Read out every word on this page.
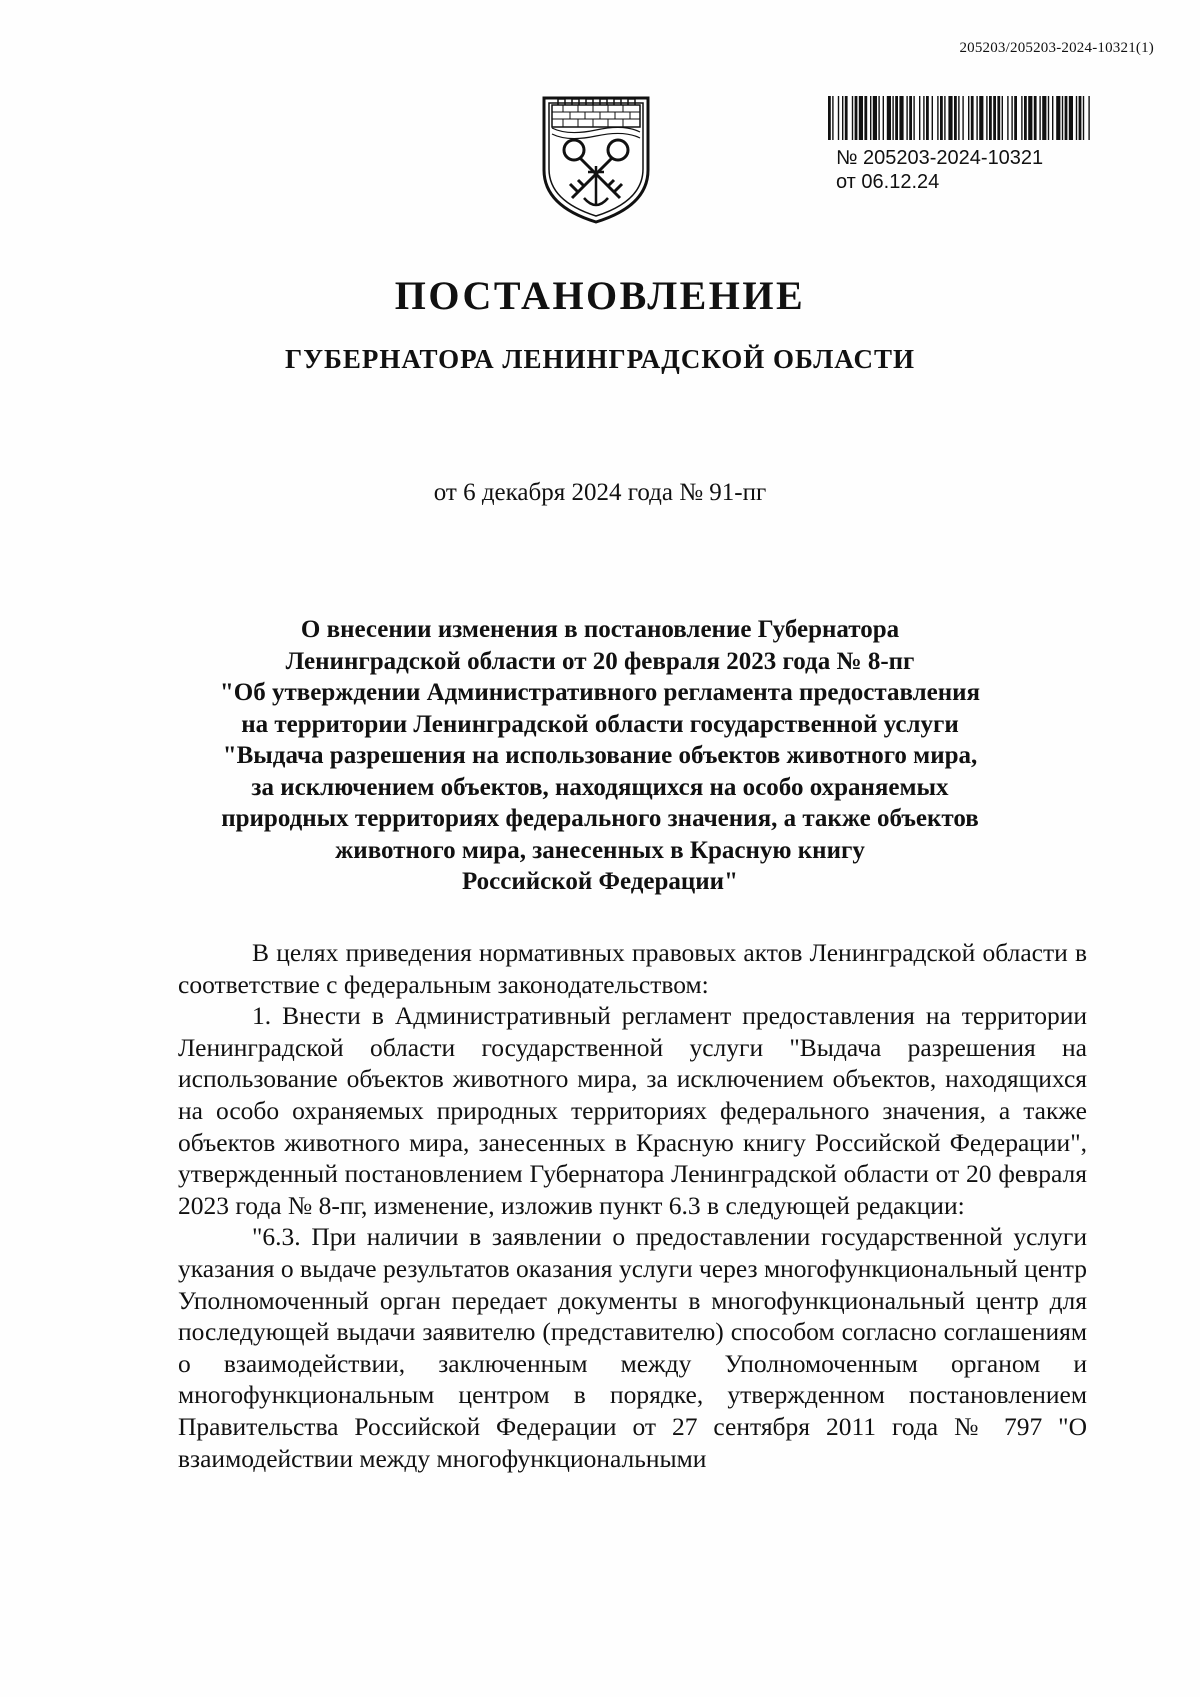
205203/205203-2024-10321(1)
№ 205203-2024-10321
от 06.12.24
ПОСТАНОВЛЕНИЕ
ГУБЕРНАТОРА ЛЕНИНГРАДСКОЙ ОБЛАСТИ
от 6 декабря 2024 года № 91-пг
О внесении изменения в постановление Губернатора
Ленинградской области от 20 февраля 2023 года № 8-пг
"Об утверждении Административного регламента предоставления
на территории Ленинградской области государственной услуги
"Выдача разрешения на использование объектов животного мира,
за исключением объектов, находящихся на особо охраняемых
природных территориях федерального значения, а также объектов
животного мира, занесенных в Красную книгу
Российской Федерации"

В целях приведения нормативных правовых актов Ленинградской области в соответствие с федеральным законодательством:

1. Внести в Административный регламент предоставления на территории Ленинградской области государственной услуги "Выдача разрешения на использование объектов животного мира, за исключением объектов, находящихся на особо охраняемых природных территориях федерального значения, а также объектов животного мира, занесенных в Красную книгу Российской Федерации", утвержденный постановлением Губернатора Ленинградской области от 20 февраля 2023 года № 8-пг, изменение, изложив пункт 6.3 в следующей редакции:

"6.3. При наличии в заявлении о предоставлении государственной услуги указания о выдаче результатов оказания услуги через многофункциональный центр Уполномоченный орган передает документы в многофункциональный центр для последующей выдачи заявителю (представителю) способом согласно соглашениям о взаимодействии, заключенным между Уполномоченным органом и многофункциональным центром в порядке, утвержденном постановлением Правительства Российской Федерации от 27 сентября 2011 года № 797 "О взаимодействии между многофункциональными
